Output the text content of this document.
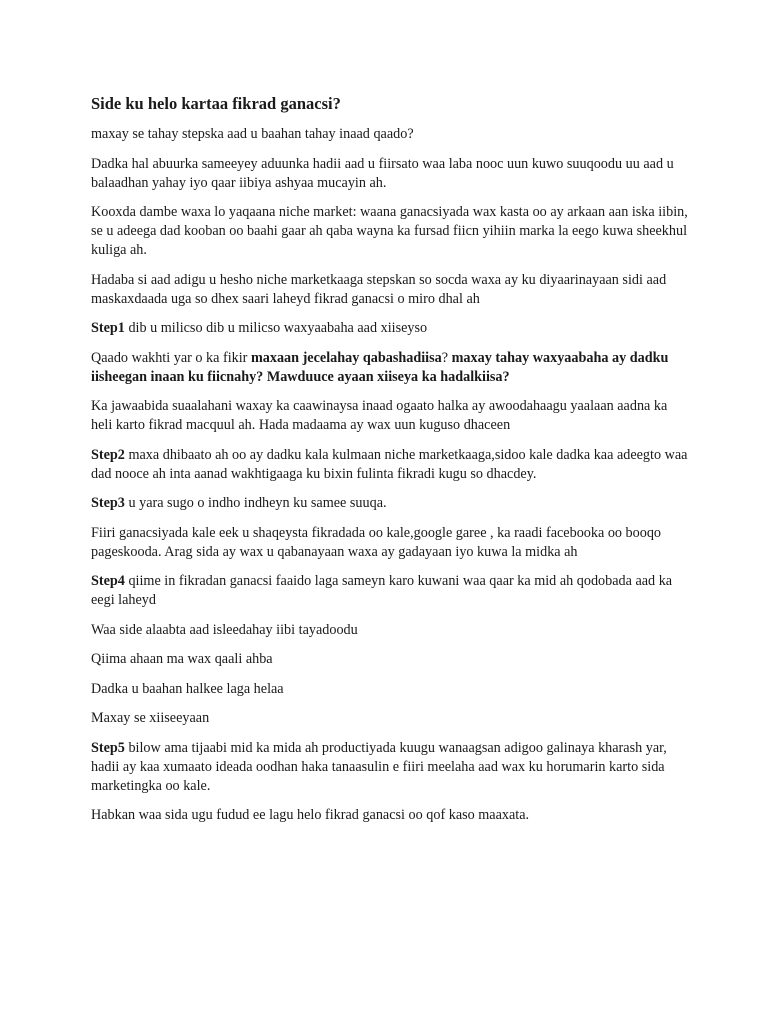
Side ku helo kartaa fikrad ganacsi?

maxay se tahay stepska aad u baahan tahay inaad qaado?

Dadka hal abuurka sameeyey aduunka hadii aad u fiirsato waa laba nooc uun kuwo suuqoodu uu aad u balaadhan yahay iyo qaar iibiya ashyaa mucayin ah.

Kooxda dambe waxa lo yaqaana niche market: waana ganacsiyada wax kasta oo ay arkaan aan iska iibin, se u adeega dad kooban oo baahi gaar ah qaba wayna ka fursad fiicn yihiin marka la eego kuwa sheekhul kuliga ah.

Hadaba si aad adigu u hesho niche marketkaaga stepskan so socda waxa ay ku diyaarinayaan sidi aad maskaxdaada uga so dhex saari laheyd fikrad ganacsi o miro dhal ah

Step1 dib u milicso dib u milicso waxyaabaha aad xiiseyso

Qaado wakhti yar o ka fikir maxaan jecelahay qabashadiisa? maxay tahay waxyaabaha ay dadku iisheegan inaan ku fiicnahy? Mawduuce ayaan xiiseya ka hadalkiisa?

Ka jawaabida suaalahani waxay ka caawinaysa inaad ogaato halka ay awoodahaagu yaalaan aadna ka heli karto fikrad macquul ah. Hada madaama ay wax uun kuguso dhaceen

Step2 maxa dhibaato ah oo ay dadku kala kulmaan niche marketkaaga,sidoo kale dadka kaa adeegto waa dad nooce ah inta aanad wakhtigaaga ku bixin fulinta fikradi kugu so dhacdey.

Step3 u yara sugo o indho indheyn ku samee suuqa.

Fiiri ganacsiyada kale eek u shaqeysta fikradada oo kale,google garee , ka raadi facebooka oo booqo pageskooda. Arag sida ay wax u qabanayaan waxa ay gadayaan iyo kuwa la midka ah

Step4 qiime in fikradan ganacsi faaido laga sameyn karo kuwani waa qaar ka mid ah qodobada aad ka eegi laheyd

Waa side alaabta aad isleedahay iibi tayadoodu

Qiima ahaan ma wax qaali ahba

Dadka u baahan halkee laga helaa

Maxay se xiiseeyaan

Step5 bilow ama tijaabi mid ka mida ah productiyada kuugu wanaagsan adigoo galinaya kharash yar, hadii ay kaa xumaato ideada oodhan haka tanaasulin e fiiri meelaha aad wax ku horumarin karto sida marketingka oo kale.

Habkan waa sida ugu fudud ee lagu helo fikrad ganacsi oo qof kaso maaxata.
